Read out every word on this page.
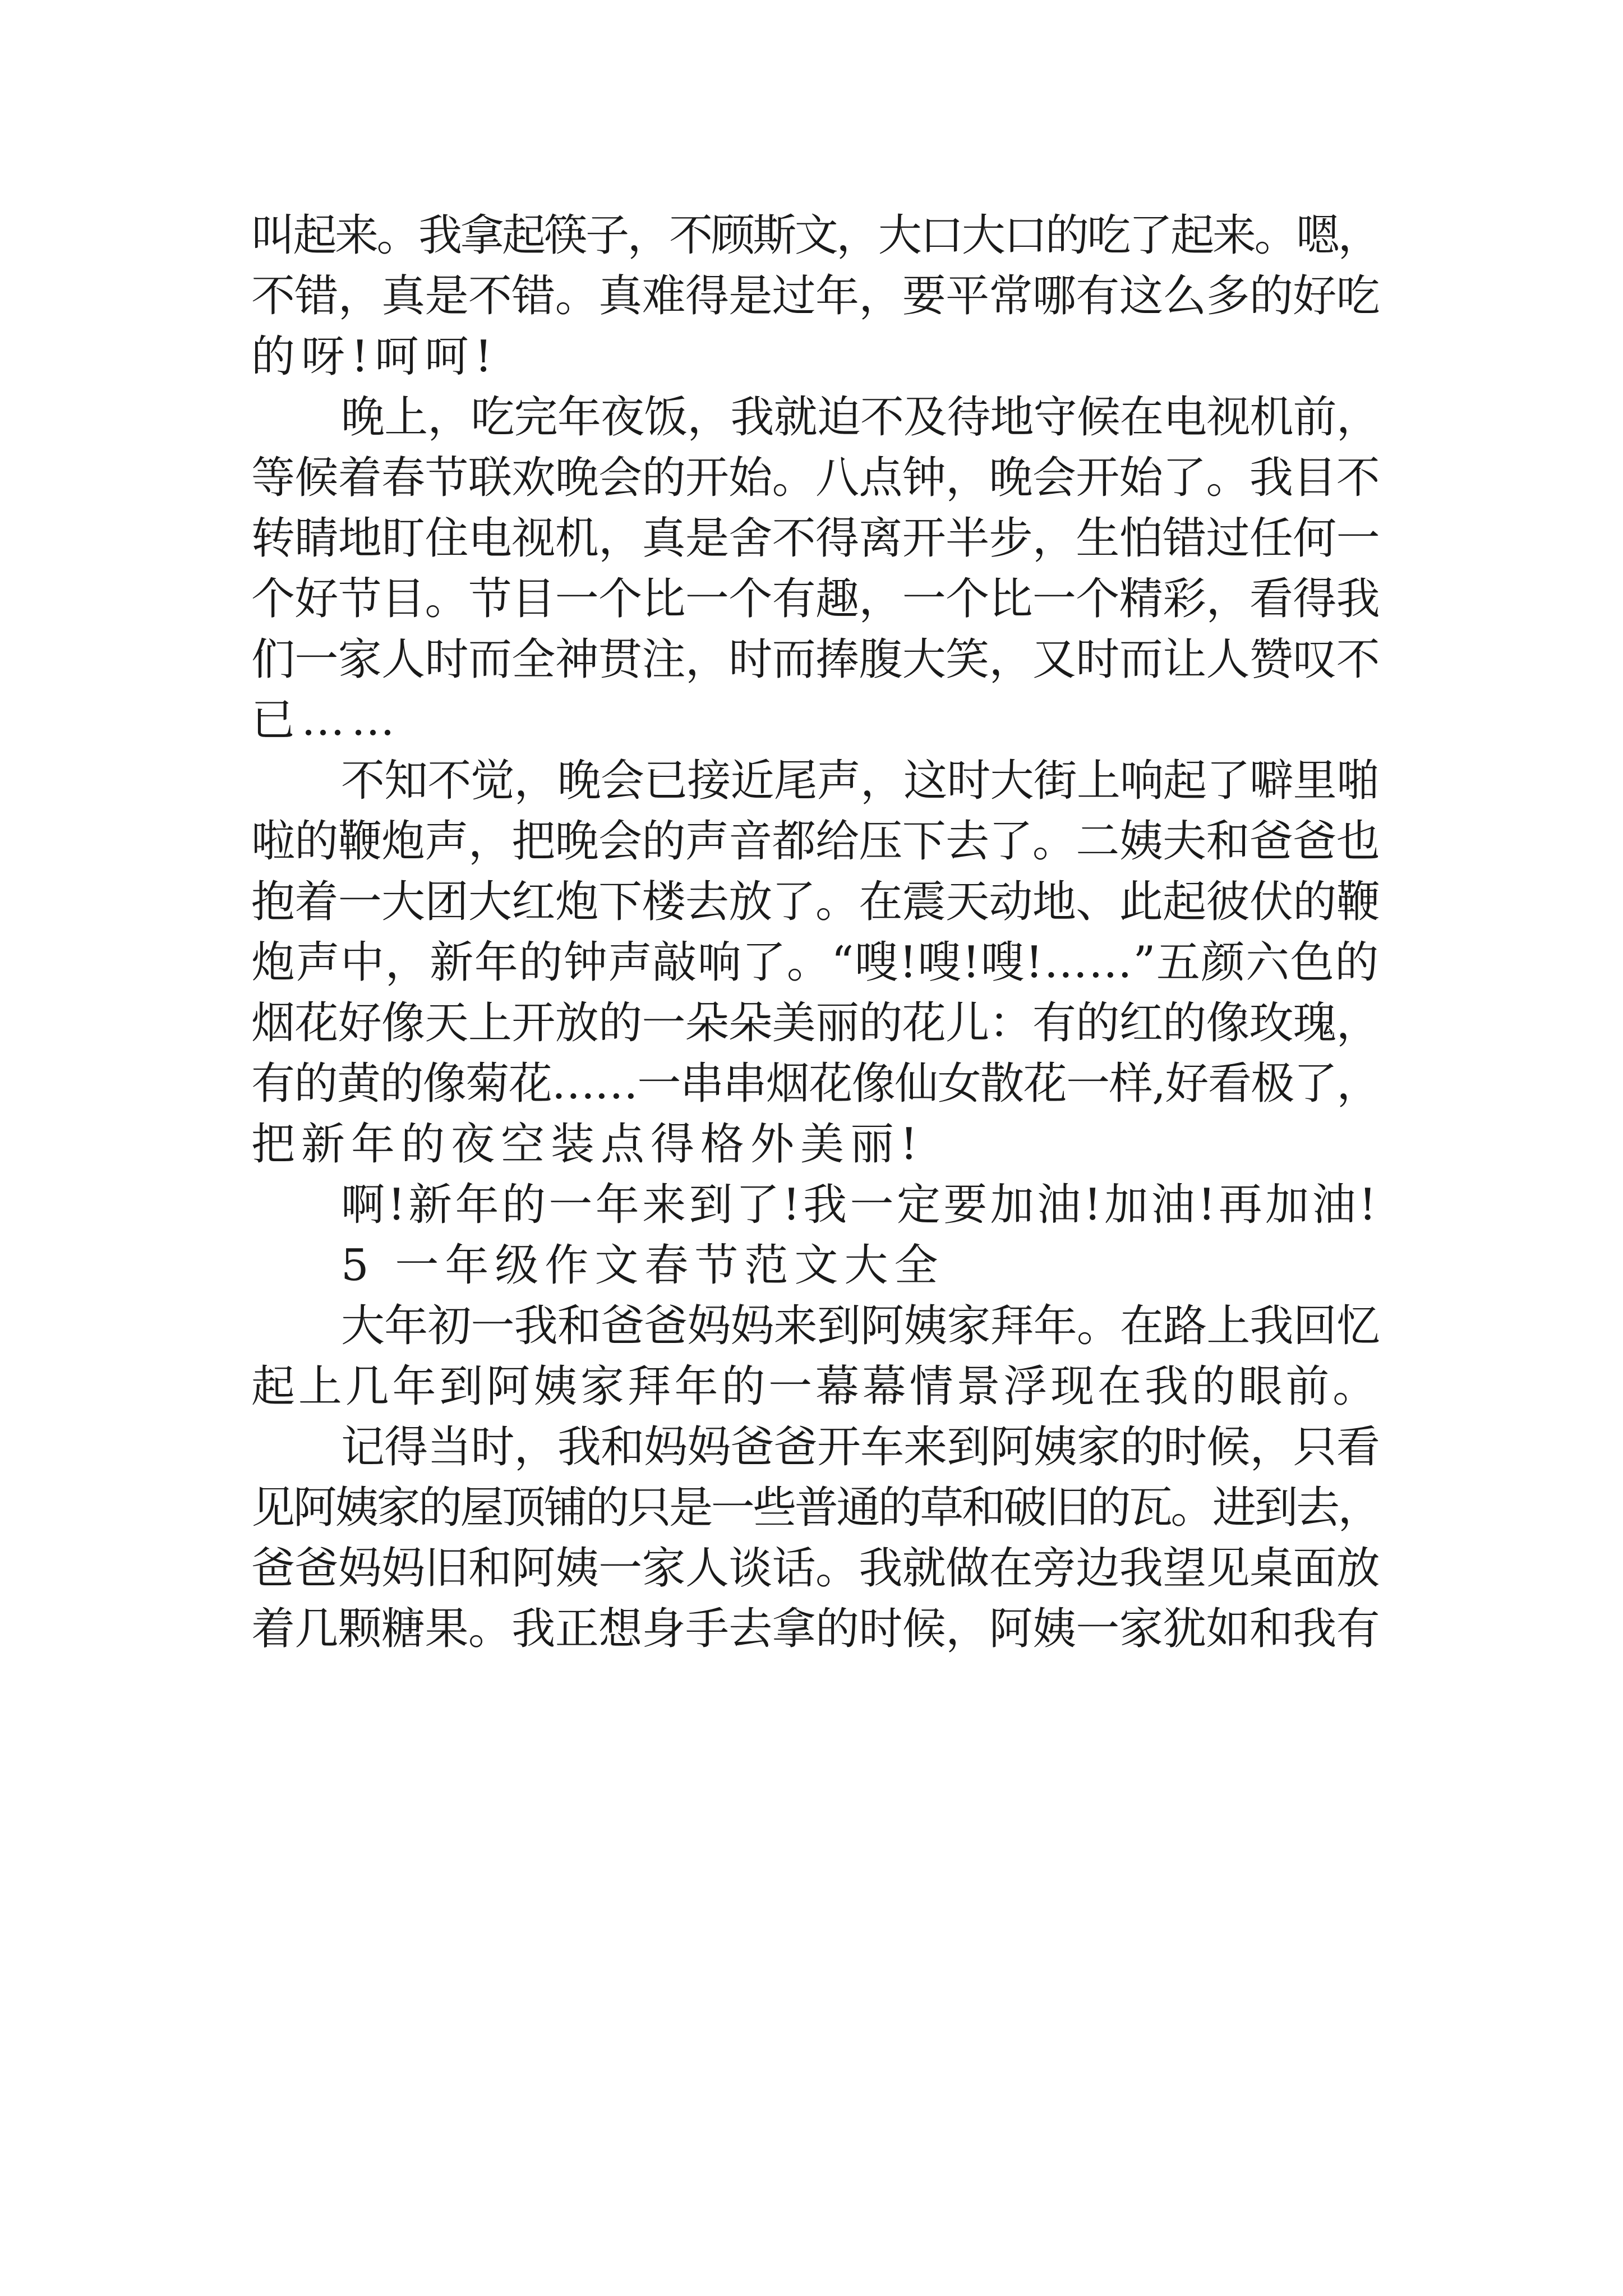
叫起来。我拿起筷子，不顾斯文，大口大口的吃了起来。嗯，
不错，真是不错。真难得是过年，要平常哪有这么多的好吃
的呀!呵呵!
晚上，吃完年夜饭，我就迫不及待地守候在电视机前，
等候着春节联欢晚会的开始。八点钟，晚会开始了。我目不
转睛地盯住电视机，真是舍不得离开半步，生怕错过任何一
个好节目。节目一个比一个有趣，一个比一个精彩，看得我
们一家人时而全神贯注，时而捧腹大笑，又时而让人赞叹不
已……
不知不觉，晚会已接近尾声，这时大街上响起了噼里啪
啦的鞭炮声，把晚会的声音都给压下去了。二姨夫和爸爸也
抱着一大团大红炮下楼去放了。在震天动地、此起彼伏的鞭
炮声中，新年的钟声敲响了。“嗖!嗖!嗖!……”五颜六色的
烟花好像天上开放的一朵朵美丽的花儿：有的红的像玫瑰，
有的黄的像菊花……一串串烟花像仙女散花一样,好看极了，
把新年的夜空装点得格外美丽!
啊!新年的一年来到了!我一定要加油!加油!再加油!
5 一年级作文春节范文大全
大年初一我和爸爸妈妈来到阿姨家拜年。在路上我回忆
起上几年到阿姨家拜年的一幕幕情景浮现在我的眼前。
记得当时，我和妈妈爸爸开车来到阿姨家的时候，只看
见阿姨家的屋顶铺的只是一些普通的草和破旧的瓦。进到去，
爸爸妈妈旧和阿姨一家人谈话。我就做在旁边我望见桌面放
着几颗糖果。我正想身手去拿的时候，阿姨一家犹如和我有
